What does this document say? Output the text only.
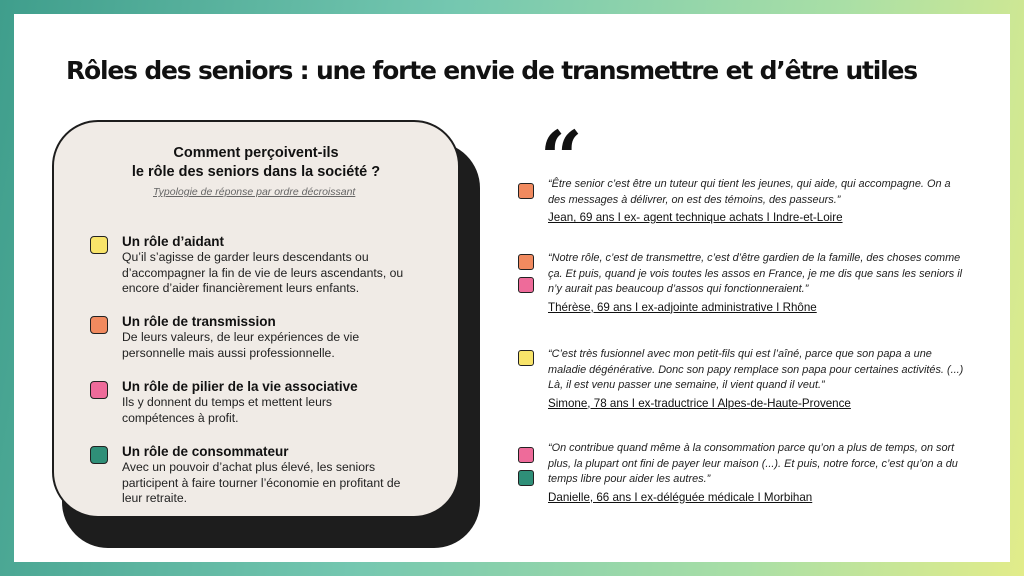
Rôles des seniors : une forte envie de transmettre et d’être utiles
Comment perçoivent-ils
le rôle des seniors dans la société ?
Typologie de réponse par ordre décroissant
Un rôle d’aidant
Qu’il s’agisse de garder leurs descendants ou d’accompagner la fin de vie de leurs ascendants, ou encore d’aider financièrement leurs enfants.
Un rôle de transmission
De leurs valeurs, de leur expériences de vie personnelle mais aussi professionnelle.
Un rôle de pilier de la vie associative
Ils y donnent du temps et mettent leurs compétences à profit.
Un rôle de consommateur
Avec un pouvoir d’achat plus élevé, les seniors participent à faire tourner l’économie en profitant de leur retraite.
“
“Être senior c’est être un tuteur qui tient les jeunes, qui aide, qui accompagne. On a des messages à délivrer, on est des témoins, des passeurs.”
Jean, 69 ans I ex- agent technique achats I Indre-et-Loire
“Notre rôle, c’est de transmettre, c’est d’être gardien de la famille, des choses comme ça. Et puis, quand je vois toutes les assos en France, je me dis que sans les seniors il n’y aurait pas beaucoup d’assos qui fonctionneraient.”
Thérèse, 69 ans I ex-adjointe administrative I Rhône
“C’est très fusionnel avec mon petit-fils qui est l’aîné, parce que son papa a une maladie dégénérative. Donc son papy remplace son papa pour certaines activités. (...) Là, il est venu passer une semaine, il vient quand il veut.”
Simone, 78 ans I ex-traductrice I Alpes-de-Haute-Provence
“On contribue quand même à la consommation parce qu’on a plus de temps, on sort plus, la plupart ont fini de payer leur maison (...). Et puis, notre force, c’est qu’on a du temps libre pour aider les autres.”
Danielle, 66 ans I ex-déléguée médicale I Morbihan
